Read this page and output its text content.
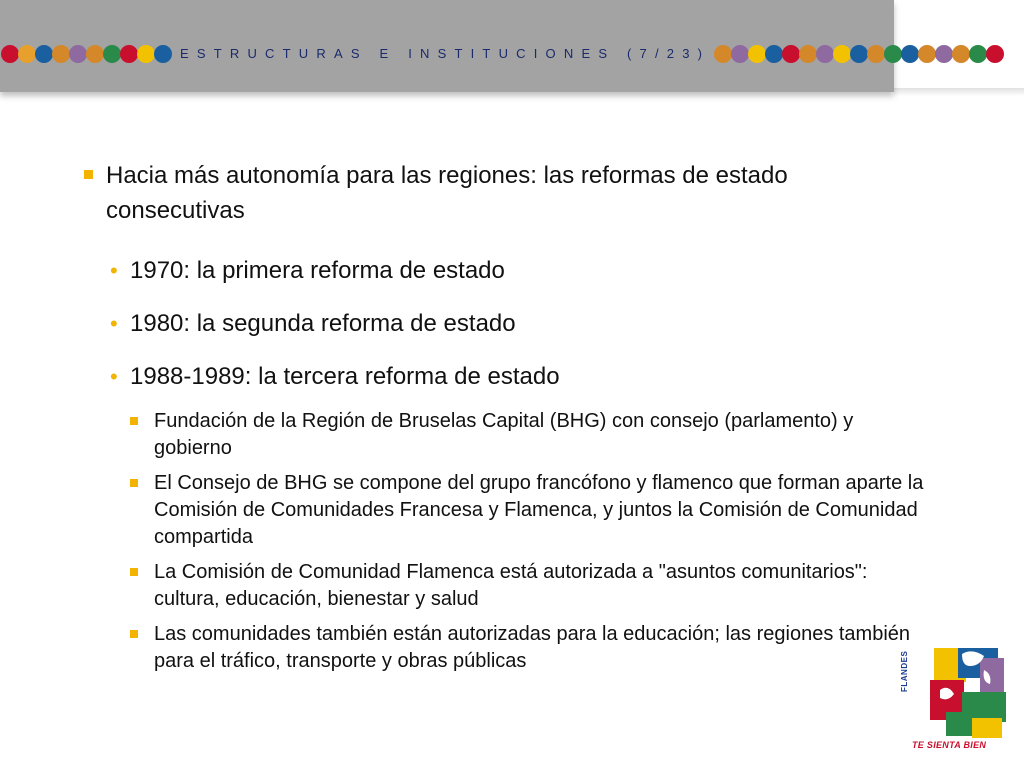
ESTRUCTURAS E INSTITUCIONES (7/23)
Hacia más autonomía para las regiones: las reformas de estado consecutivas
• 1970: la primera reforma de estado
• 1980: la segunda reforma de estado
• 1988-1989: la tercera reforma de estado
Fundación de la Región de Bruselas Capital (BHG) con consejo (parlamento) y gobierno
El Consejo de BHG se compone del grupo francófono y flamenco que forman aparte la Comisión de Comunidades Francesa y Flamenca, y juntos la Comisión de Comunidad compartida
La Comisión de Comunidad Flamenca está autorizada a "asuntos comunitarios": cultura, educación, bienestar y salud
Las comunidades también están autorizadas para la educación; las regiones también para el tráfico, transporte y obras públicas	FLANDES
TE SIENTA BIEN
